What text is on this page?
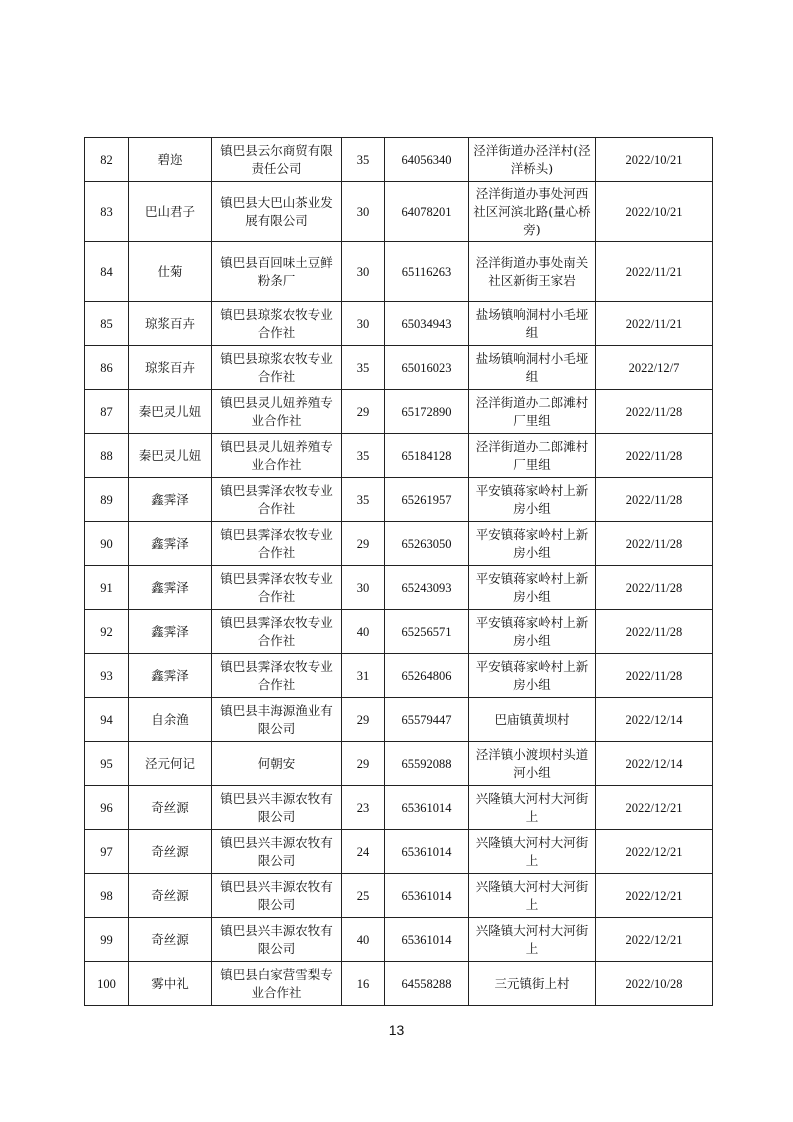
82	碧迩	镇巴县云尔商贸有限责任公司	35	64056340	泾洋街道办泾洋村(泾洋桥头)	2022/10/21
83	巴山君子	镇巴县大巴山茶业发展有限公司	30	64078201	泾洋街道办事处河西社区河滨北路(量心桥旁)	2022/10/21
84	仕菊	镇巴县百回味土豆鲜粉条厂	30	65116263	泾洋街道办事处南关社区新街王家岩	2022/11/21
85	琼浆百卉	镇巴县琼浆农牧专业合作社	30	65034943	盐场镇响洞村小毛垭组	2022/11/21
86	琼浆百卉	镇巴县琼浆农牧专业合作社	35	65016023	盐场镇响洞村小毛垭组	2022/12/7
87	秦巴灵儿妞	镇巴县灵儿妞养殖专业合作社	29	65172890	泾洋街道办二郎滩村厂里组	2022/11/28
88	秦巴灵儿妞	镇巴县灵儿妞养殖专业合作社	35	65184128	泾洋街道办二郎滩村厂里组	2022/11/28
89	鑫霁泽	镇巴县霁泽农牧专业合作社	35	65261957	平安镇蒋家岭村上新房小组	2022/11/28
90	鑫霁泽	镇巴县霁泽农牧专业合作社	29	65263050	平安镇蒋家岭村上新房小组	2022/11/28
91	鑫霁泽	镇巴县霁泽农牧专业合作社	30	65243093	平安镇蒋家岭村上新房小组	2022/11/28
92	鑫霁泽	镇巴县霁泽农牧专业合作社	40	65256571	平安镇蒋家岭村上新房小组	2022/11/28
93	鑫霁泽	镇巴县霁泽农牧专业合作社	31	65264806	平安镇蒋家岭村上新房小组	2022/11/28
94	自余渔	镇巴县丰海源渔业有限公司	29	65579447	巴庙镇黄坝村	2022/12/14
95	泾元何记	何朝安	29	65592088	泾洋镇小渡坝村头道河小组	2022/12/14
96	奇丝源	镇巴县兴丰源农牧有限公司	23	65361014	兴隆镇大河村大河街上	2022/12/21
97	奇丝源	镇巴县兴丰源农牧有限公司	24	65361014	兴隆镇大河村大河街上	2022/12/21
98	奇丝源	镇巴县兴丰源农牧有限公司	25	65361014	兴隆镇大河村大河街上	2022/12/21
99	奇丝源	镇巴县兴丰源农牧有限公司	40	65361014	兴隆镇大河村大河街上	2022/12/21
100	雾中礼	镇巴县白家营雪梨专业合作社	16	64558288	三元镇街上村	2022/10/28
13
